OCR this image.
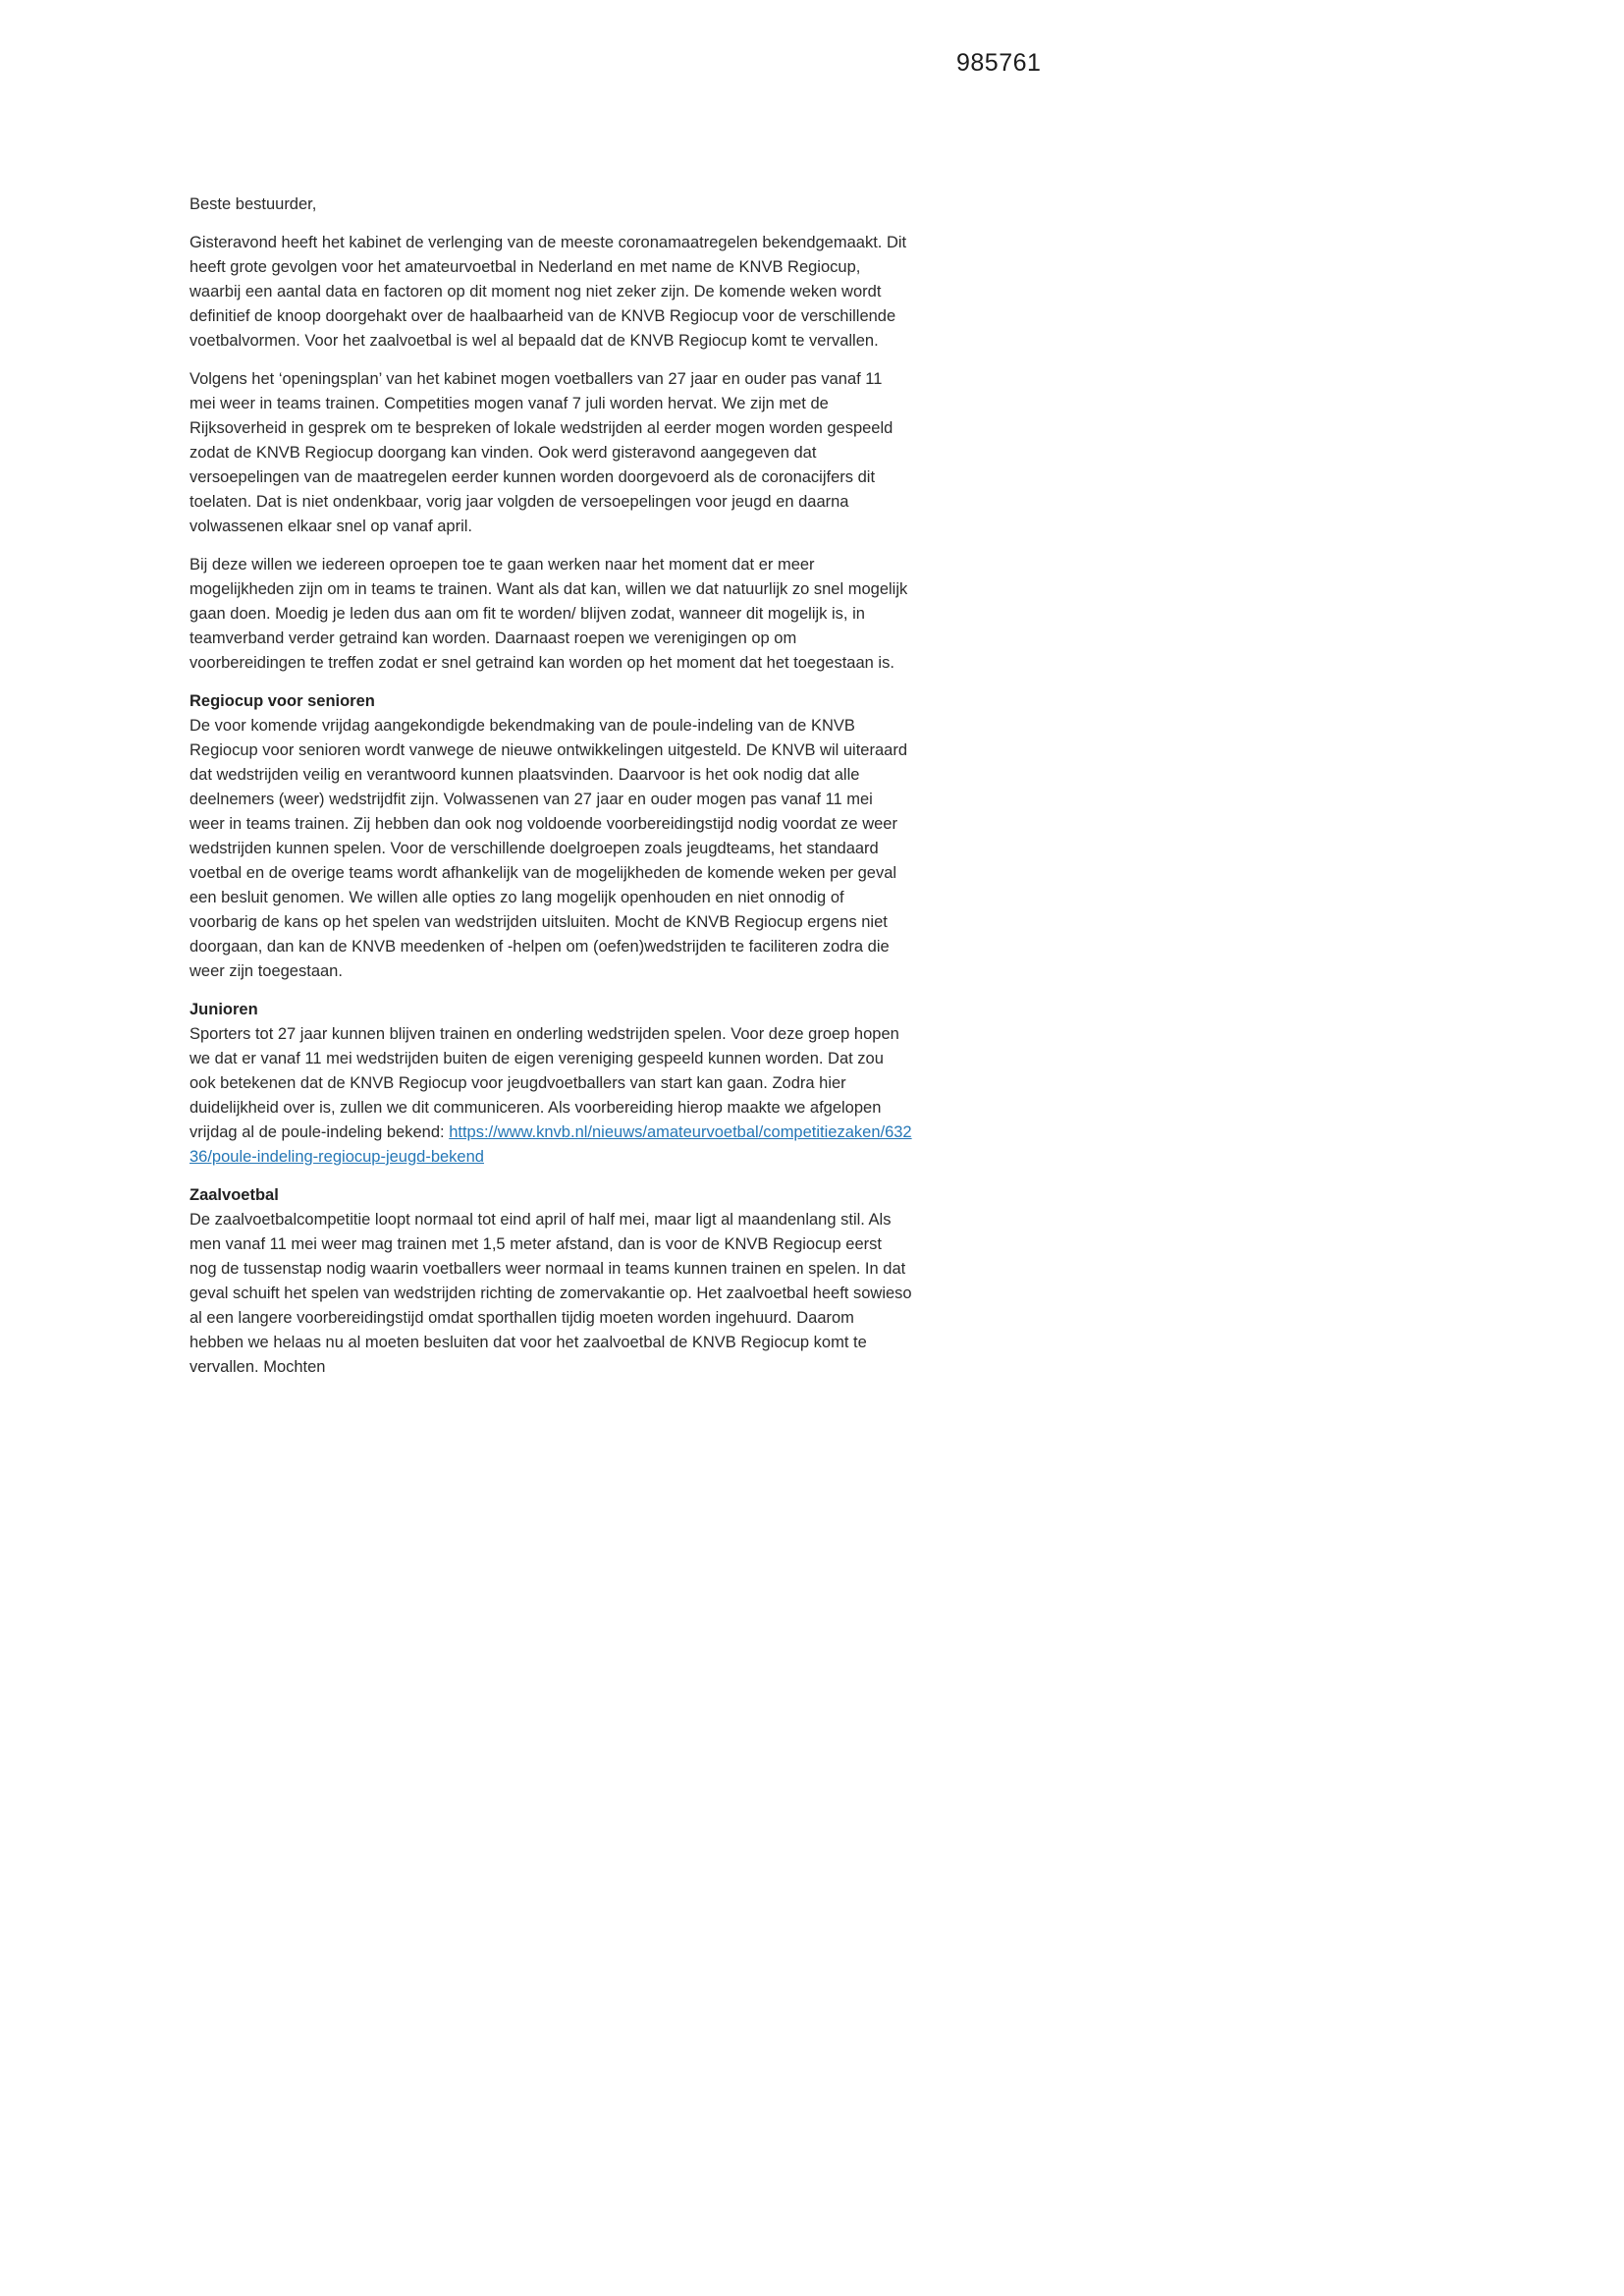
985761

Beste bestuurder,

Gisteravond heeft het kabinet de verlenging van de meeste coronamaatregelen bekendgemaakt. Dit heeft grote gevolgen voor het amateurvoetbal in Nederland en met name de KNVB Regiocup, waarbij een aantal data en factoren op dit moment nog niet zeker zijn. De komende weken wordt definitief de knoop doorgehakt over de haalbaarheid van de KNVB Regiocup voor de verschillende voetbalvormen. Voor het zaalvoetbal is wel al bepaald dat de KNVB Regiocup komt te vervallen.

Volgens het ‘openingsplan’ van het kabinet mogen voetballers van 27 jaar en ouder pas vanaf 11 mei weer in teams trainen. Competities mogen vanaf 7 juli worden hervat. We zijn met de Rijksoverheid in gesprek om te bespreken of lokale wedstrijden al eerder mogen worden gespeeld zodat de KNVB Regiocup doorgang kan vinden. Ook werd gisteravond aangegeven dat versoepelingen van de maatregelen eerder kunnen worden doorgevoerd als de coronacijfers dit toelaten. Dat is niet ondenkbaar, vorig jaar volgden de versoepelingen voor jeugd en daarna volwassenen elkaar snel op vanaf april.

Bij deze willen we iedereen oproepen toe te gaan werken naar het moment dat er meer mogelijkheden zijn om in teams te trainen. Want als dat kan, willen we dat natuurlijk zo snel mogelijk gaan doen. Moedig je leden dus aan om fit te worden/ blijven zodat, wanneer dit mogelijk is, in teamverband verder getraind kan worden. Daarnaast roepen we verenigingen op om voorbereidingen te treffen zodat er snel getraind kan worden op het moment dat het toegestaan is.

Regiocup voor senioren

De voor komende vrijdag aangekondigde bekendmaking van de poule-indeling van de KNVB Regiocup voor senioren wordt vanwege de nieuwe ontwikkelingen uitgesteld. De KNVB wil uiteraard dat wedstrijden veilig en verantwoord kunnen plaatsvinden. Daarvoor is het ook nodig dat alle deelnemers (weer) wedstrijdfit zijn. Volwassenen van 27 jaar en ouder mogen pas vanaf 11 mei weer in teams trainen. Zij hebben dan ook nog voldoende voorbereidingstijd nodig voordat ze weer wedstrijden kunnen spelen. Voor de verschillende doelgroepen zoals jeugdteams, het standaard voetbal en de overige teams wordt afhankelijk van de mogelijkheden de komende weken per geval een besluit genomen. We willen alle opties zo lang mogelijk openhouden en niet onnodig of voorbarig de kans op het spelen van wedstrijden uitsluiten. Mocht de KNVB Regiocup ergens niet doorgaan, dan kan de KNVB meedenken of -helpen om (oefen)wedstrijden te faciliteren zodra die weer zijn toegestaan.

Junioren

Sporters tot 27 jaar kunnen blijven trainen en onderling wedstrijden spelen. Voor deze groep hopen we dat er vanaf 11 mei wedstrijden buiten de eigen vereniging gespeeld kunnen worden. Dat zou ook betekenen dat de KNVB Regiocup voor jeugdvoetballers van start kan gaan. Zodra hier duidelijkheid over is, zullen we dit communiceren. Als voorbereiding hierop maakte we afgelopen vrijdag al de poule-indeling bekend: https://www.knvb.nl/nieuws/amateurvoetbal/competitiezaken/63236/poule-indeling-regiocup-jeugd-bekend

Zaalvoetbal

De zaalvoetbalcompetitie loopt normaal tot eind april of half mei, maar ligt al maandenlang stil. Als men vanaf 11 mei weer mag trainen met 1,5 meter afstand, dan is voor de KNVB Regiocup eerst nog de tussenstap nodig waarin voetballers weer normaal in teams kunnen trainen en spelen. In dat geval schuift het spelen van wedstrijden richting de zomervakantie op. Het zaalvoetbal heeft sowieso al een langere voorbereidingstijd omdat sporthallen tijdig moeten worden ingehuurd. Daarom hebben we helaas nu al moeten besluiten dat voor het zaalvoetbal de KNVB Regiocup komt te vervallen. Mochten
